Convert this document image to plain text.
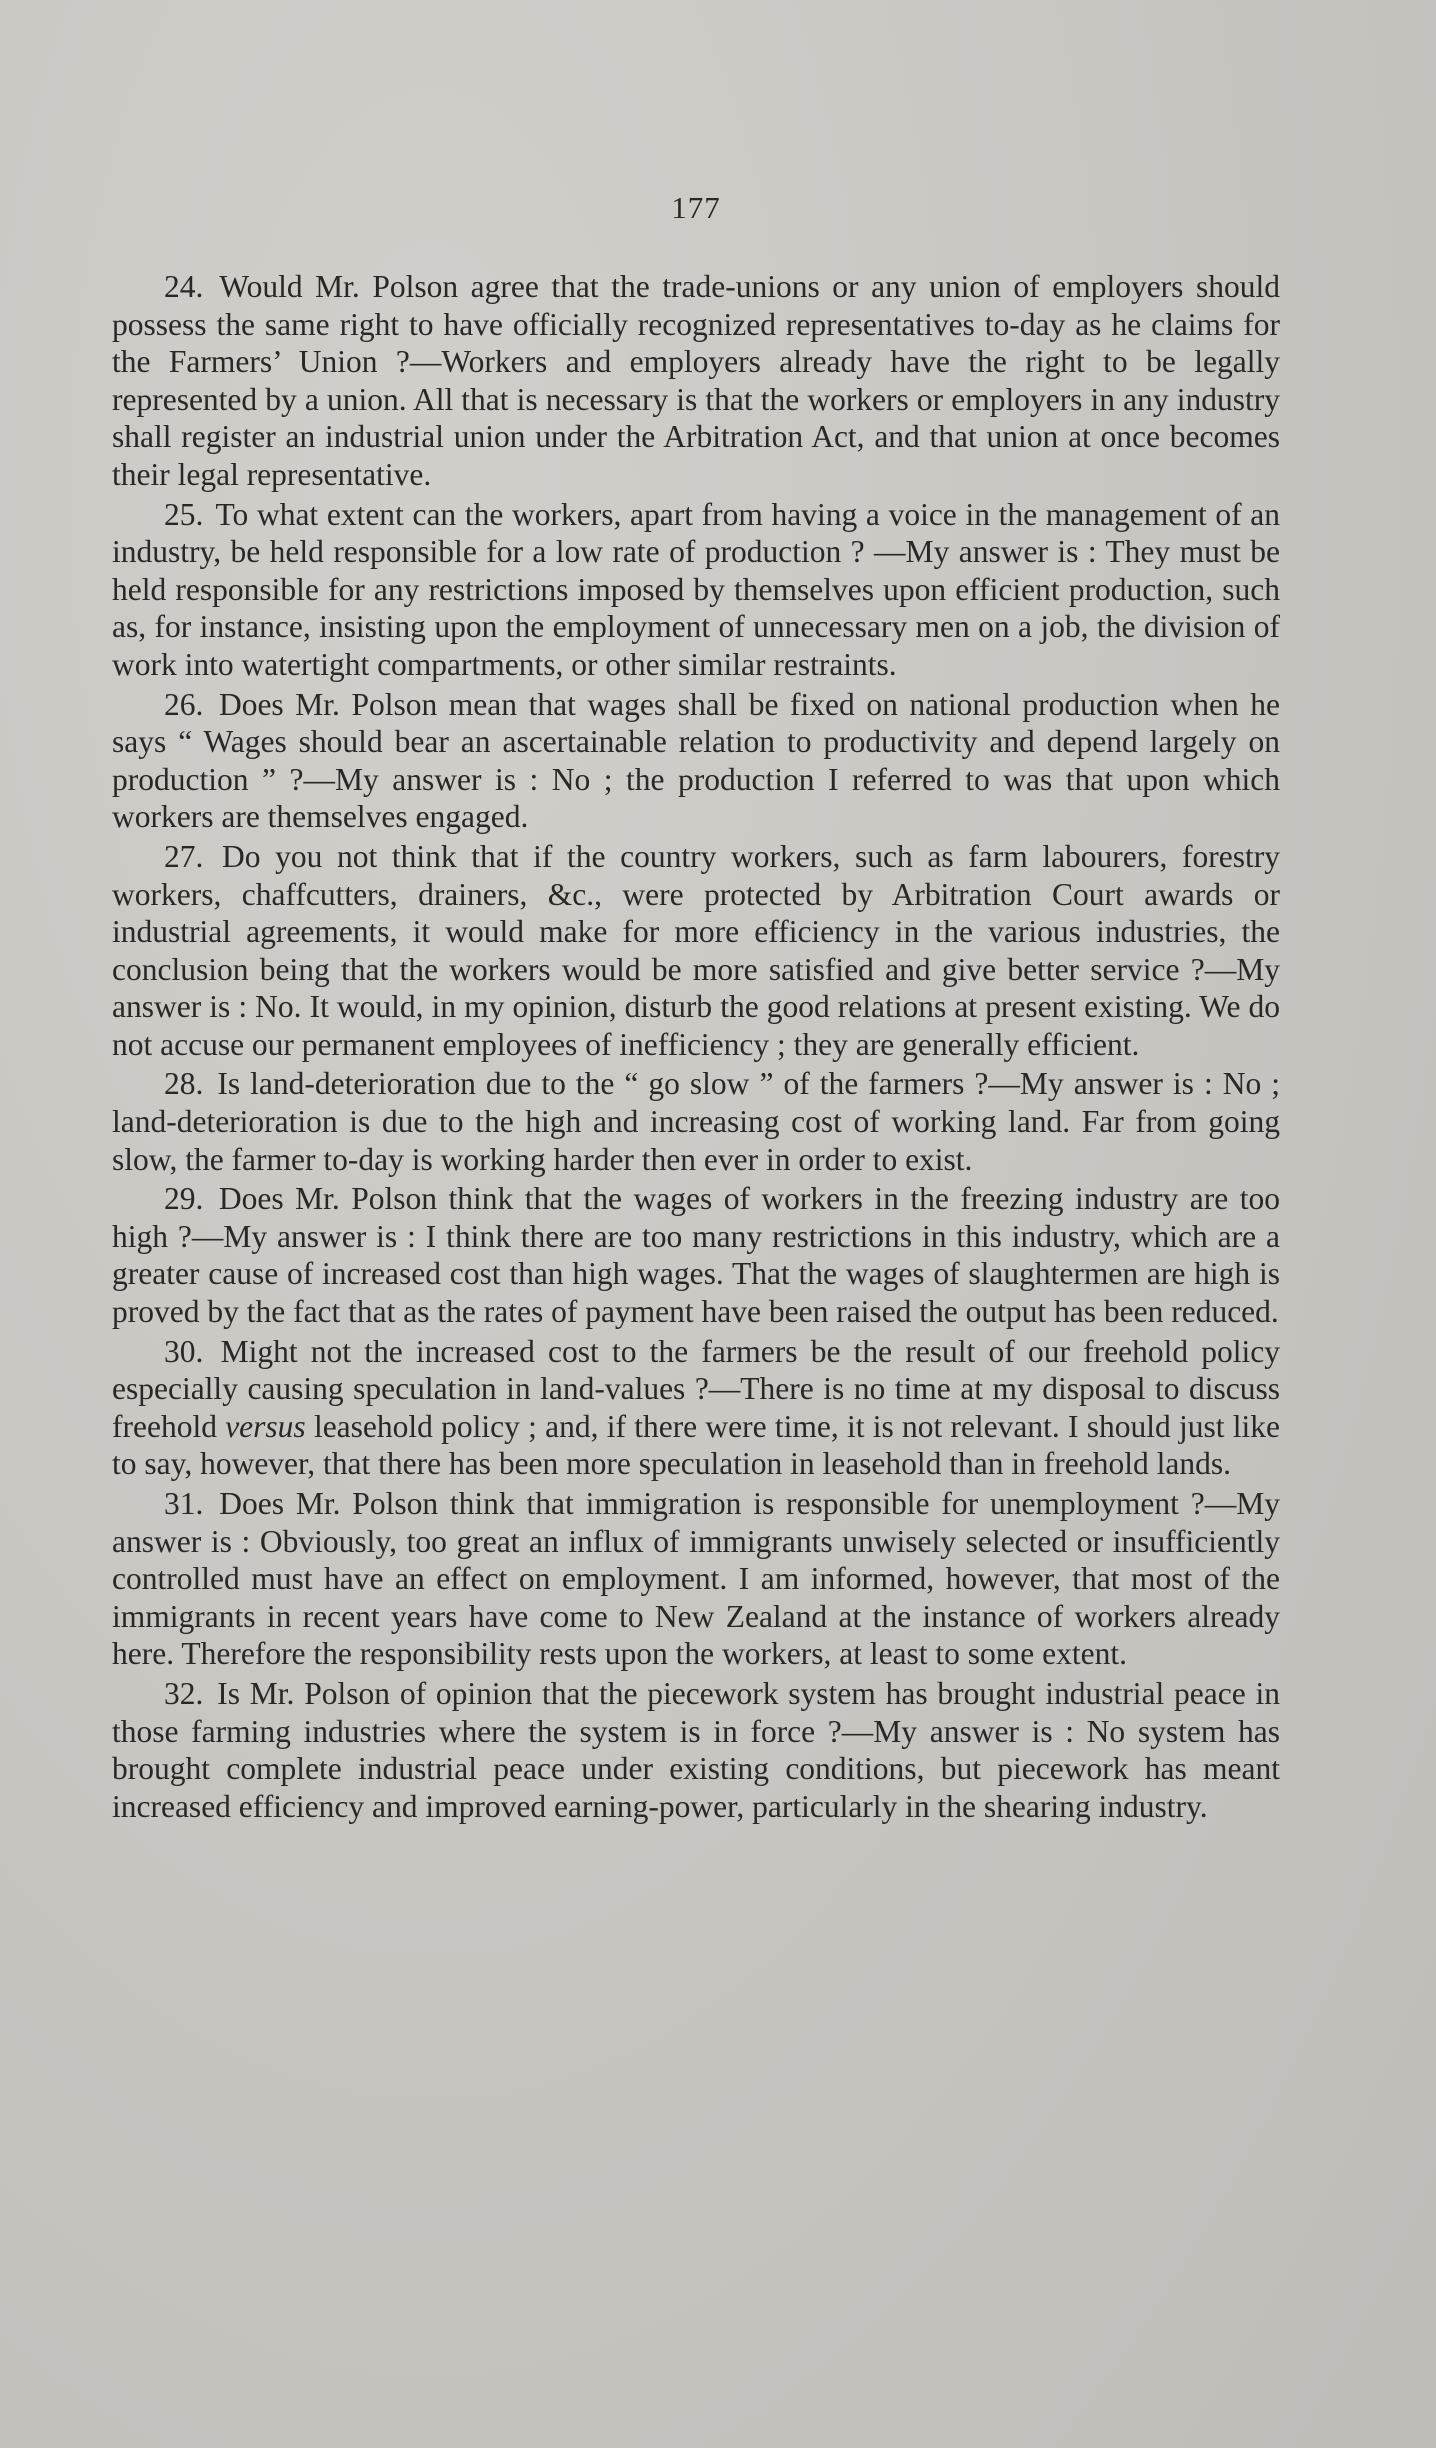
177

24. Would Mr. Polson agree that the trade-unions or any union of employers should possess the same right to have officially recognized representatives to-day as he claims for the Farmers’ Union ?—Workers and employers already have the right to be legally represented by a union. All that is necessary is that the workers or employers in any industry shall register an industrial union under the Arbitration Act, and that union at once becomes their legal representative.

25. To what extent can the workers, apart from having a voice in the management of an industry, be held responsible for a low rate of production ? —My answer is : They must be held responsible for any restrictions imposed by themselves upon efficient production, such as, for instance, insisting upon the employment of unnecessary men on a job, the division of work into watertight compartments, or other similar restraints.

26. Does Mr. Polson mean that wages shall be fixed on national production when he says “ Wages should bear an ascertainable relation to productivity and depend largely on production ” ?—My answer is : No ; the production I referred to was that upon which workers are themselves engaged.

27. Do you not think that if the country workers, such as farm labourers, forestry workers, chaffcutters, drainers, &c., were protected by Arbitration Court awards or industrial agreements, it would make for more efficiency in the various industries, the conclusion being that the workers would be more satisfied and give better service ?—My answer is : No. It would, in my opinion, disturb the good relations at present existing. We do not accuse our permanent employees of inefficiency ; they are generally efficient.

28. Is land-deterioration due to the “ go slow ” of the farmers ?—My answer is : No ; land-deterioration is due to the high and increasing cost of working land. Far from going slow, the farmer to-day is working harder then ever in order to exist.

29. Does Mr. Polson think that the wages of workers in the freezing industry are too high ?—My answer is : I think there are too many restrictions in this industry, which are a greater cause of increased cost than high wages. That the wages of slaughtermen are high is proved by the fact that as the rates of payment have been raised the output has been reduced.

30. Might not the increased cost to the farmers be the result of our freehold policy especially causing speculation in land-values ?—There is no time at my disposal to discuss freehold versus leasehold policy ; and, if there were time, it is not relevant. I should just like to say, however, that there has been more speculation in leasehold than in freehold lands.

31. Does Mr. Polson think that immigration is responsible for unemployment ?—My answer is : Obviously, too great an influx of immigrants unwisely selected or insufficiently controlled must have an effect on employment. I am informed, however, that most of the immigrants in recent years have come to New Zealand at the instance of workers already here. Therefore the responsibility rests upon the workers, at least to some extent.

32. Is Mr. Polson of opinion that the piecework system has brought industrial peace in those farming industries where the system is in force ?—My answer is : No system has brought complete industrial peace under existing conditions, but piecework has meant increased efficiency and improved earning-power, particularly in the shearing industry.
